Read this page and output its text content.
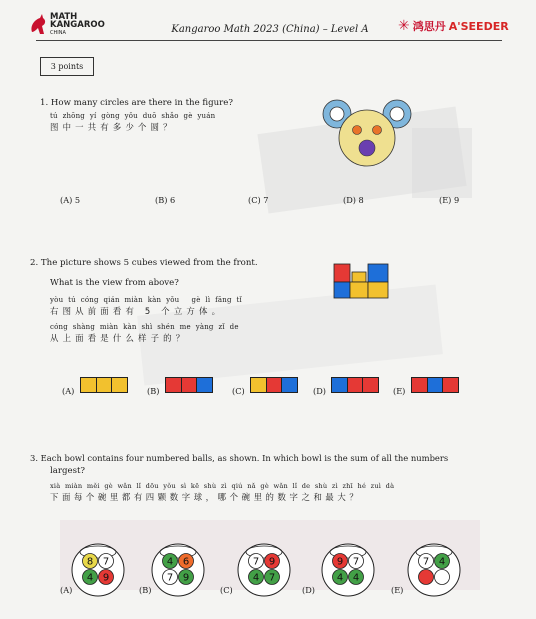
MATH
KANGAROO
CHINA	Kangaroo Math 2023 (China) – Level A	✳ 鸿思丹 A'SEEDER
3 points
1. How many circles are there in the figure?
tú  zhōng  yí  gòng  yǒu  duō  shǎo  gè  yuán
图中一共有多少个圆？
(A) 5	(B) 6	(C) 7	(D) 8	(E) 9
2. The picture shows 5 cubes viewed from the front.
What is the view from above?
yòu  tú  cóng  qián  miàn  kàn  yǒu     gè  lì  fāng  tǐ
右图从前面看有 5 个立方体。
cóng  shàng  miàn  kàn  shì  shén  me  yàng  zǐ  de
从上面看是什么样子的？
(A)	(B)	(C)	(D)	(E)
3. Each bowl contains four numbered balls, as shown. In which bowl is the sum of all the numbers
largest?
xià  miàn  měi  gè  wǎn  lǐ  dōu  yǒu  sì  kē  shù  zì  qiú  nǎ  gè  wǎn  lǐ  de  shù  zì  zhī  hé  zuì  dà
下面每个碗里都有四颗数字球，哪个碗里的数字之和最大？
(A)	(B)	(C)	(D)	(E)
8 7
4 9
4 6
7 9
7 9
4 7
9 7
4 4
7 4
